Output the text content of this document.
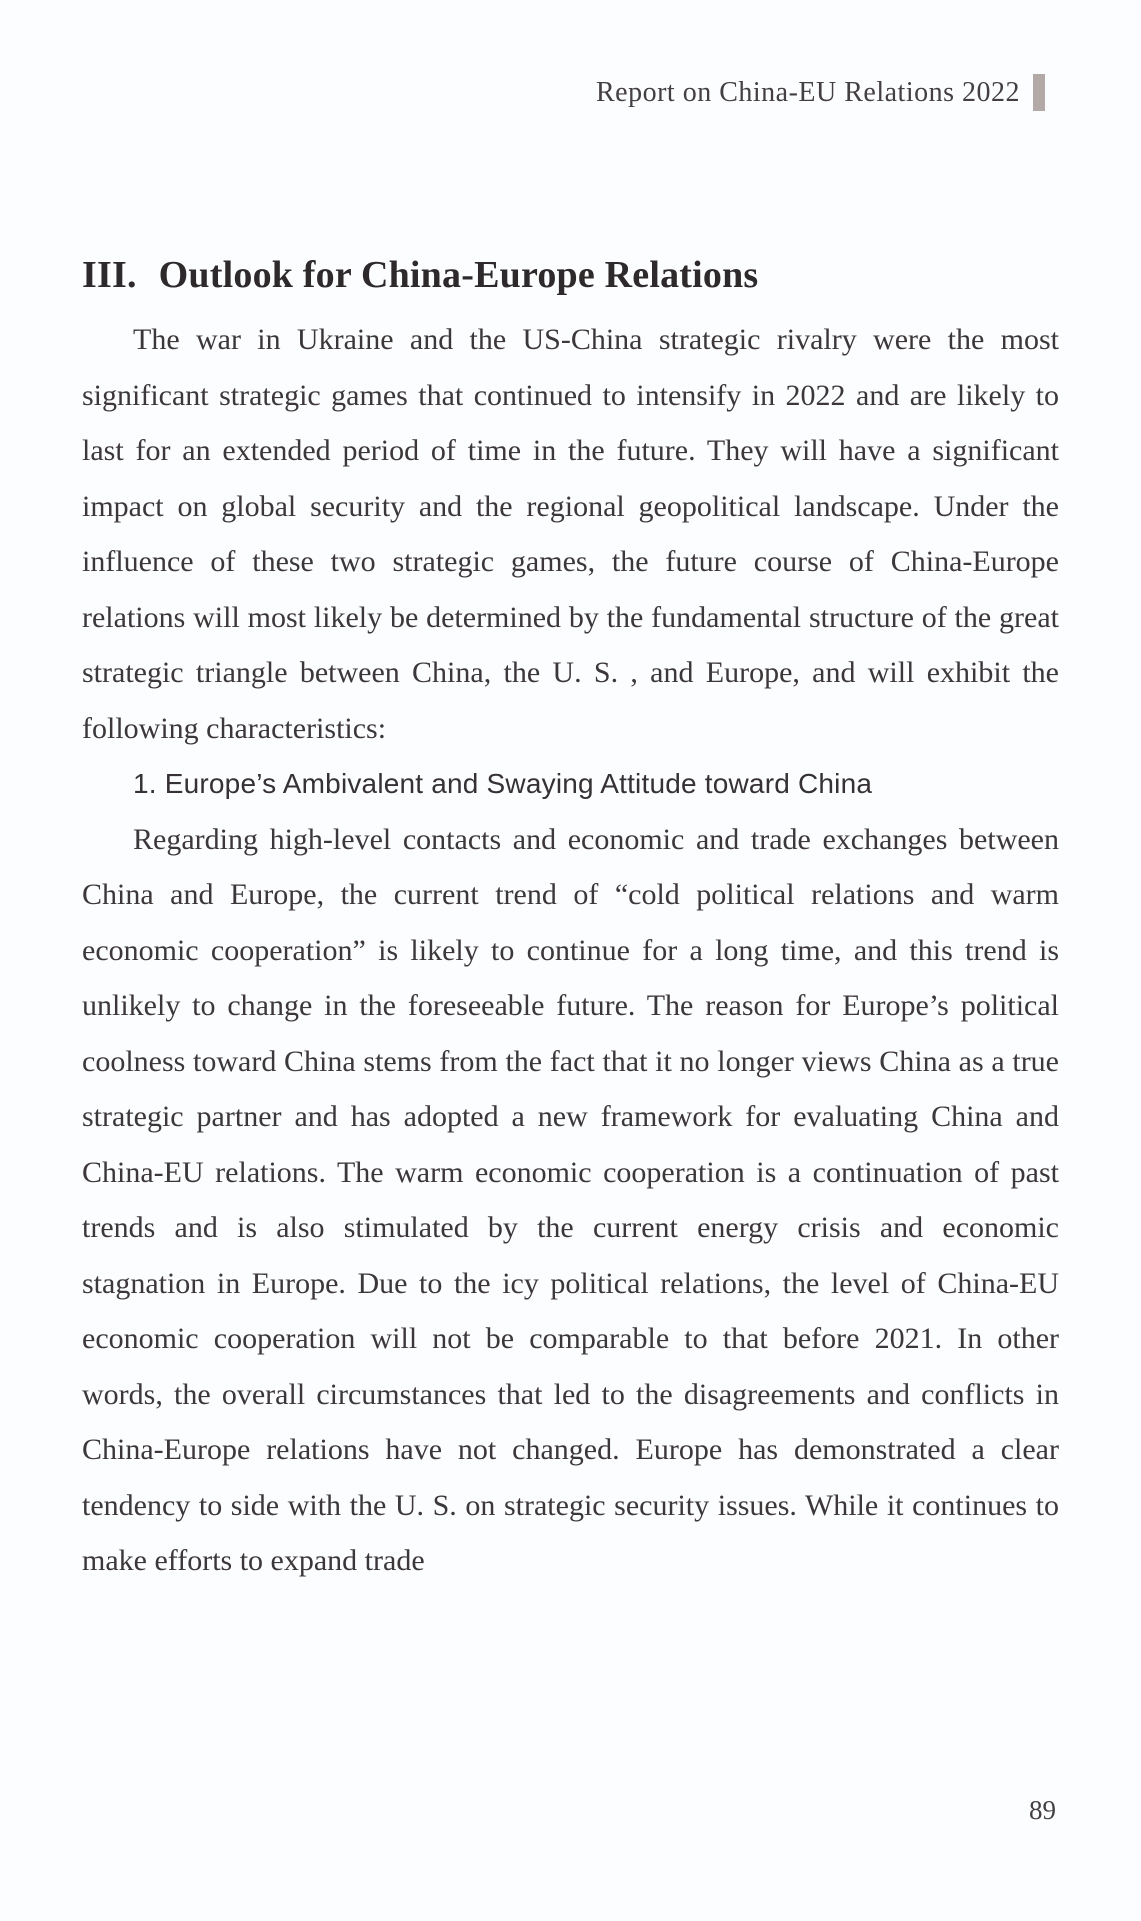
Report on China-EU Relations 2022
III. Outlook for China-Europe Relations

The war in Ukraine and the US-China strategic rivalry were the most significant strategic games that continued to intensify in 2022 and are likely to last for an extended period of time in the future. They will have a significant impact on global security and the regional geopolitical landscape. Under the influence of these two strategic games, the future course of China-Europe relations will most likely be determined by the fundamental structure of the great strategic triangle between China, the U. S. , and Europe, and will exhibit the following characteristics:

1. Europe’s Ambivalent and Swaying Attitude toward China

Regarding high-level contacts and economic and trade exchanges between China and Europe, the current trend of “cold political relations and warm economic cooperation” is likely to continue for a long time, and this trend is unlikely to change in the foreseeable future. The reason for Europe’s political coolness toward China stems from the fact that it no longer views China as a true strategic partner and has adopted a new framework for evaluating China and China-EU relations. The warm economic cooperation is a continuation of past trends and is also stimulated by the current energy crisis and economic stagnation in Europe. Due to the icy political relations, the level of China-EU economic cooperation will not be comparable to that before 2021. In other words, the overall circumstances that led to the disagreements and conflicts in China-Europe relations have not changed. Europe has demonstrated a clear tendency to side with the U. S. on strategic security issues. While it continues to make efforts to expand trade

89
